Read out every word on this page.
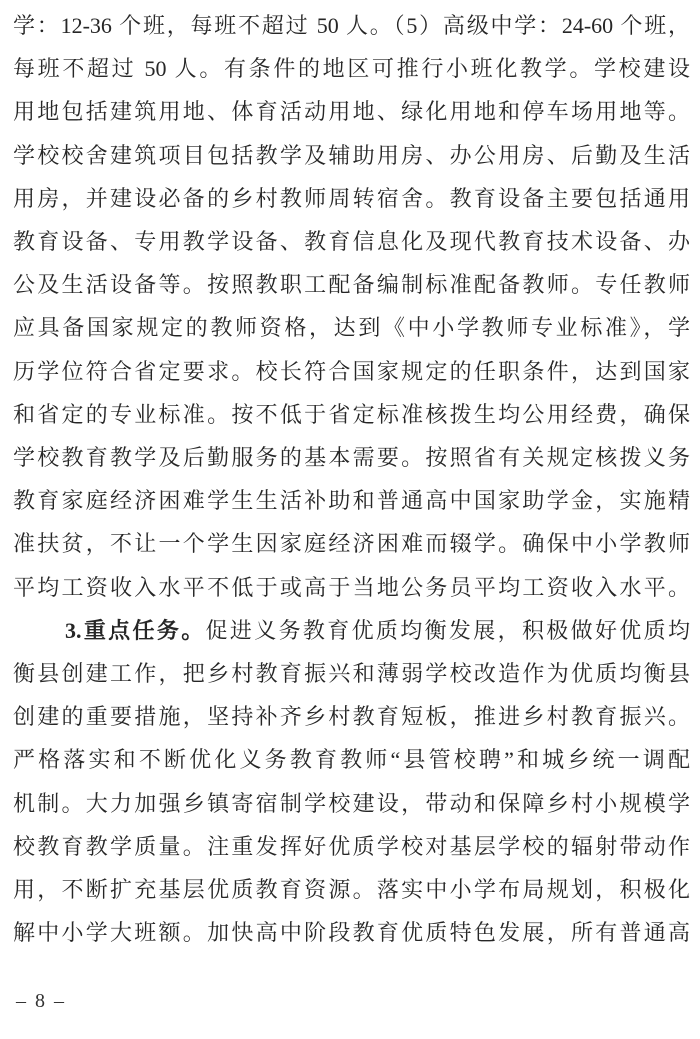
学：12-36 个班，每班不超过 50 人。（5）高级中学：24-60 个班，

每班不超过 50 人。有条件的地区可推行小班化教学。学校建设

用地包括建筑用地、体育活动用地、绿化用地和停车场用地等。

学校校舍建筑项目包括教学及辅助用房、办公用房、后勤及生活

用房，并建设必备的乡村教师周转宿舍。教育设备主要包括通用

教育设备、专用教学设备、教育信息化及现代教育技术设备、办

公及生活设备等。按照教职工配备编制标准配备教师。专任教师

应具备国家规定的教师资格，达到《中小学教师专业标准》，学

历学位符合省定要求。校长符合国家规定的任职条件，达到国家

和省定的专业标准。按不低于省定标准核拨生均公用经费，确保

学校教育教学及后勤服务的基本需要。按照省有关规定核拨义务

教育家庭经济困难学生生活补助和普通高中国家助学金，实施精

准扶贫，不让一个学生因家庭经济困难而辍学。确保中小学教师

平均工资收入水平不低于或高于当地公务员平均工资收入水平。

3.重点任务。促进义务教育优质均衡发展，积极做好优质均

衡县创建工作，把乡村教育振兴和薄弱学校改造作为优质均衡县

创建的重要措施，坚持补齐乡村教育短板，推进乡村教育振兴。

严格落实和不断优化义务教育教师“县管校聘”和城乡统一调配

机制。大力加强乡镇寄宿制学校建设，带动和保障乡村小规模学

校教育教学质量。注重发挥好优质学校对基层学校的辐射带动作

用，不断扩充基层优质教育资源。落实中小学布局规划，积极化

解中小学大班额。加快高中阶段教育优质特色发展，所有普通高

– 8 –
